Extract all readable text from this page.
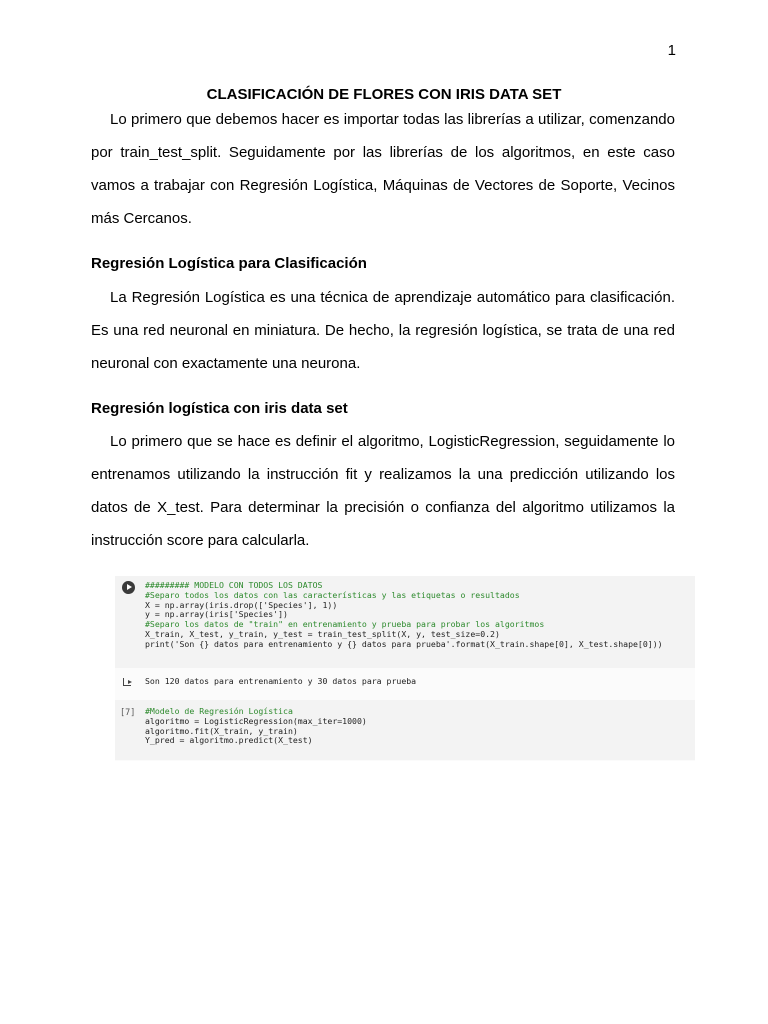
1
CLASIFICACIÓN DE FLORES CON IRIS DATA SET

Lo primero que debemos hacer es importar todas las librerías a utilizar, comenzando por train_test_split. Seguidamente por las librerías de los algoritmos, en este caso vamos a trabajar con Regresión Logística, Máquinas de Vectores de Soporte, Vecinos más Cercanos.

Regresión Logística para Clasificación

La Regresión Logística es una técnica de aprendizaje automático para clasificación. Es una red neuronal en miniatura. De hecho, la regresión logística, se trata de una red neuronal con exactamente una neurona.

Regresión logística con iris data set

Lo primero que se hace es definir el algoritmo, LogisticRegression, seguidamente lo entrenamos utilizando la instrucción fit y realizamos la una predicción utilizando los datos de X_test. Para determinar la precisión o confianza del algoritmo utilizamos la instrucción score para calcularla.

######### MODELO CON TODOS LOS DATOS
#Separo todos los datos con las características y las etiquetas o resultados
X = np.array(iris.drop(['Species'], 1))
y = np.array(iris['Species'])
#Separo los datos de "train" en entrenamiento y prueba para probar los algoritmos
X_train, X_test, y_train, y_test = train_test_split(X, y, test_size=0.2)
print('Son {} datos para entrenamiento y {} datos para prueba'.format(X_train.shape[0], X_test.shape[0]))
Son 120 datos para entrenamiento y 30 datos para prueba
[7] #Modelo de Regresión Logística
algoritmo = LogisticRegression(max_iter=1000)
algoritmo.fit(X_train, y_train)
Y_pred = algoritmo.predict(X_test)
